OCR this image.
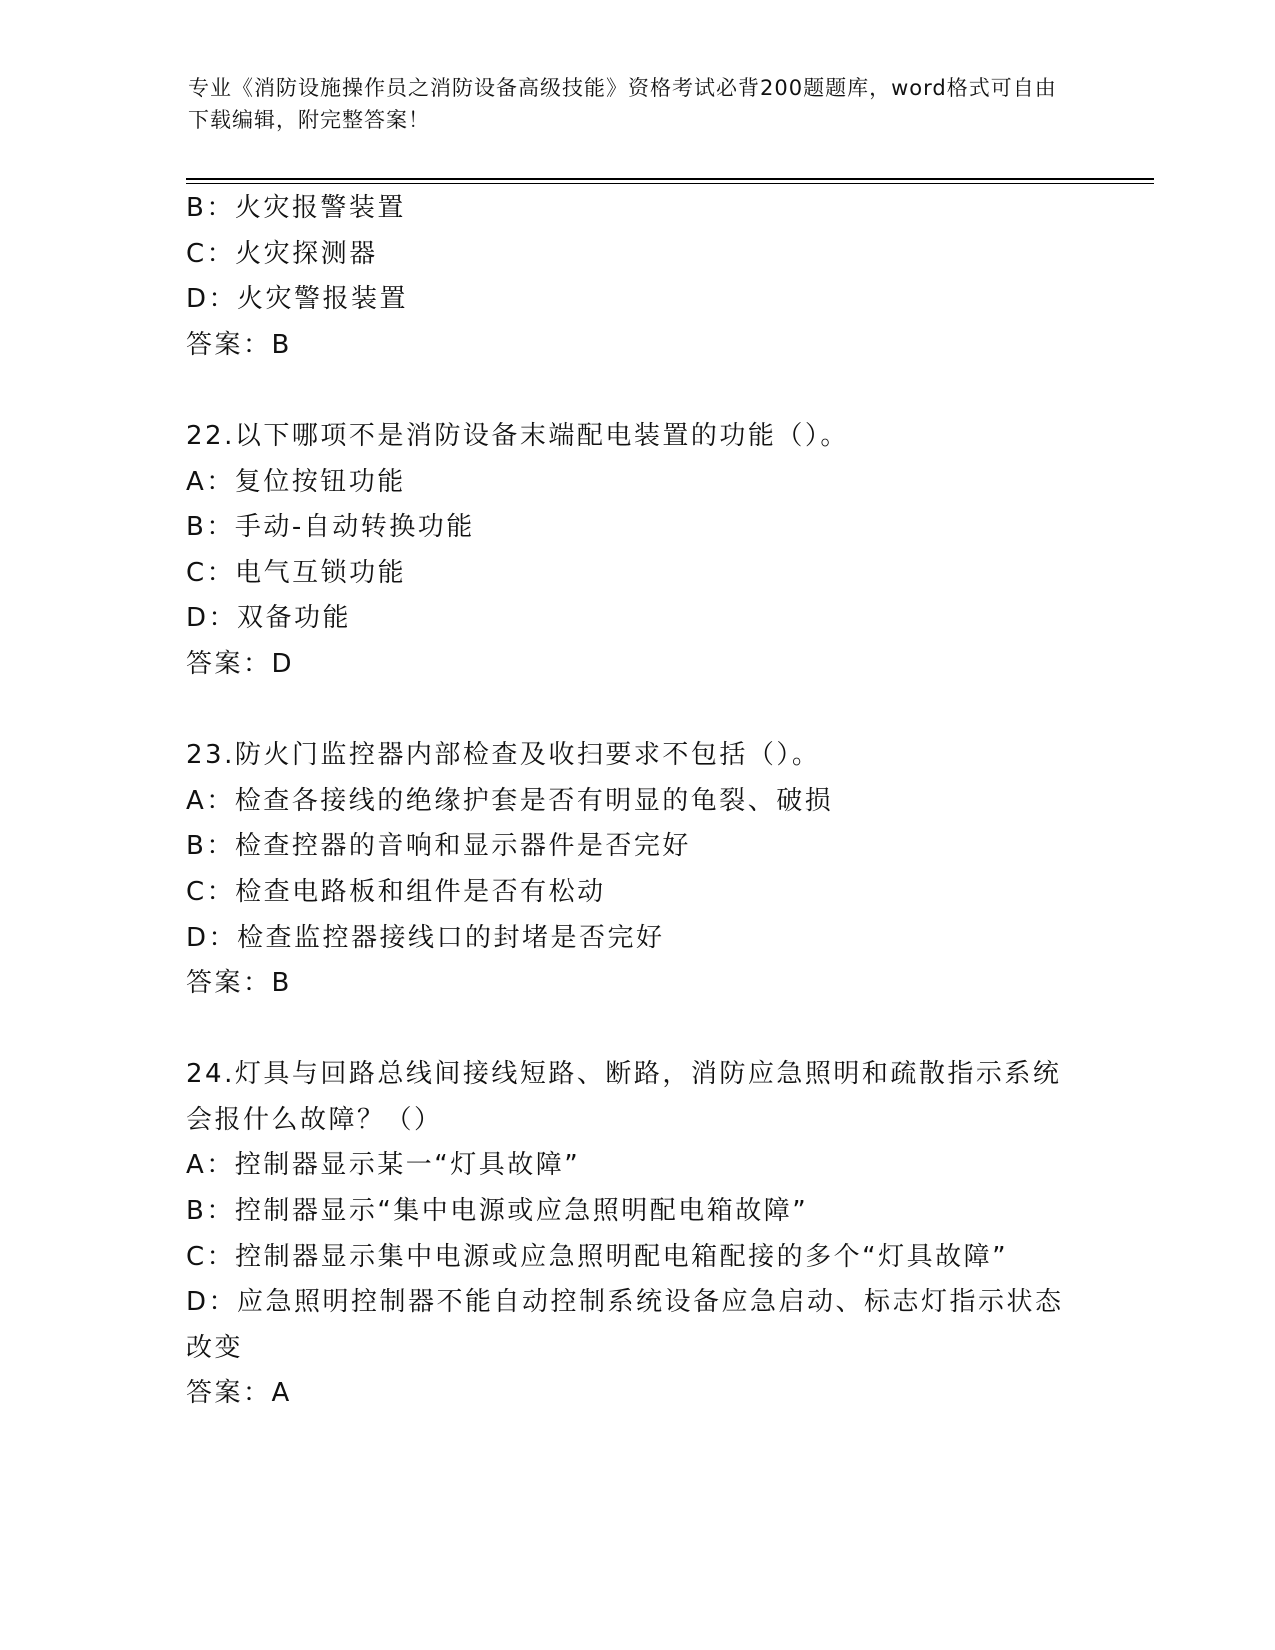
专业《消防设施操作员之消防设备高级技能》资格考试必背200题题库，word格式可自由下载编辑，附完整答案！
B：火灾报警装置
C：火灾探测器
D：火灾警报装置
答案：B
22.以下哪项不是消防设备末端配电装置的功能（）。
A：复位按钮功能
B：手动-自动转换功能
C：电气互锁功能
D：双备功能
答案：D
23.防火门监控器内部检查及收扫要求不包括（）。
A：检查各接线的绝缘护套是否有明显的龟裂、破损
B：检查控器的音响和显示器件是否完好
C：检查电路板和组件是否有松动
D：检查监控器接线口的封堵是否完好
答案：B
24.灯具与回路总线间接线短路、断路，消防应急照明和疏散指示系统会报什么故障？（）
A：控制器显示某一“灯具故障”
B：控制器显示“集中电源或应急照明配电箱故障”
C：控制器显示集中电源或应急照明配电箱配接的多个“灯具故障”
D：应急照明控制器不能自动控制系统设备应急启动、标志灯指示状态改变
答案：A
